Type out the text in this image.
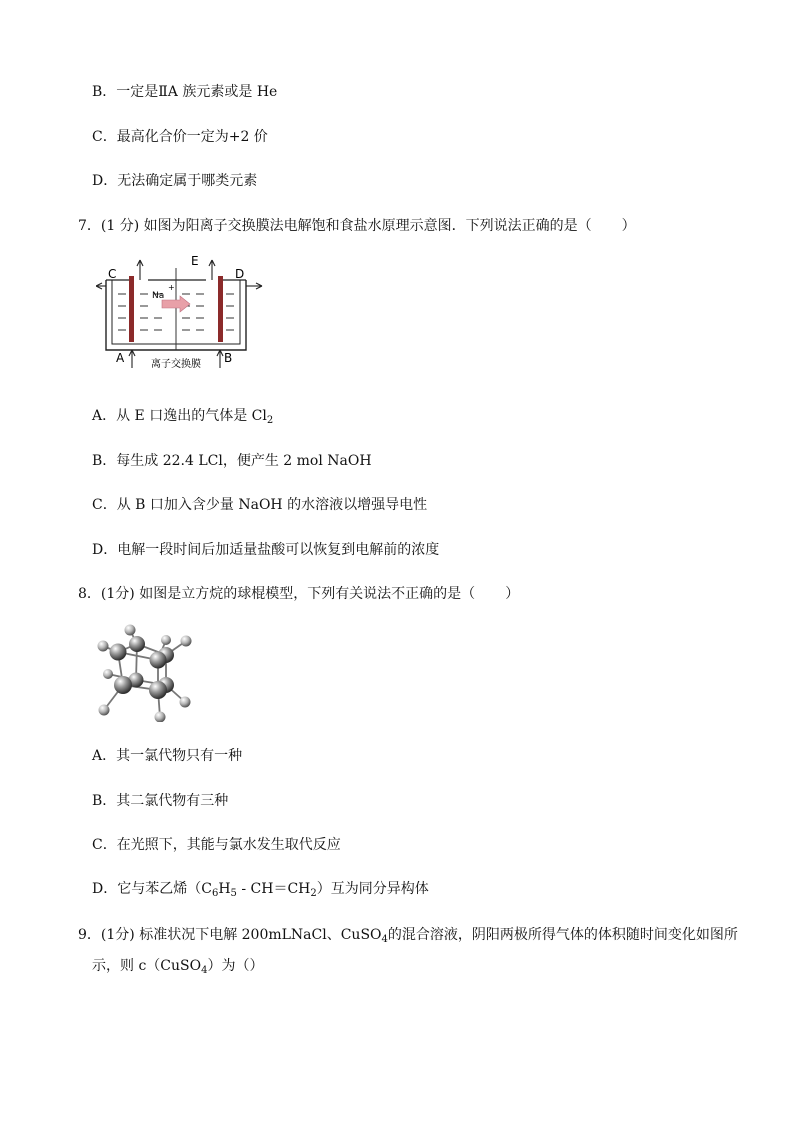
B．一定是ⅡA 族元素或是 He
C．最高化合价一定为+2 价
D．无法确定属于哪类元素
7．(1 分) 如图为阳离子交换膜法电解饱和食盐水原理示意图．下列说法正确的是（ ）
Na
+
C	D
E
A	B
离子交换膜
A．从 E 口逸出的气体是 $Cl_2$
B．每生成 22.4 LCl，便产生 2 mol NaOH
C．从 B 口加入含少量 NaOH 的水溶液以增强导电性
D．电解一段时间后加适量盐酸可以恢复到电解前的浓度
8．(1分) 如图是立方烷的球棍模型，下列有关说法不正确的是（ ）
A．其一氯代物只有一种
B．其二氯代物有三种
C．在光照下，其能与氯水发生取代反应
D．它与苯乙烯$(C_6H_5 - CH=CH_2)$互为同分异构体
9．(1分) 标准状况下电解 200mLNaCl、CuSO$_4$的混合溶液，阴阳两极所得气体的体积随时间变化如图所
示，则 c（CuSO$_4$）为（）
